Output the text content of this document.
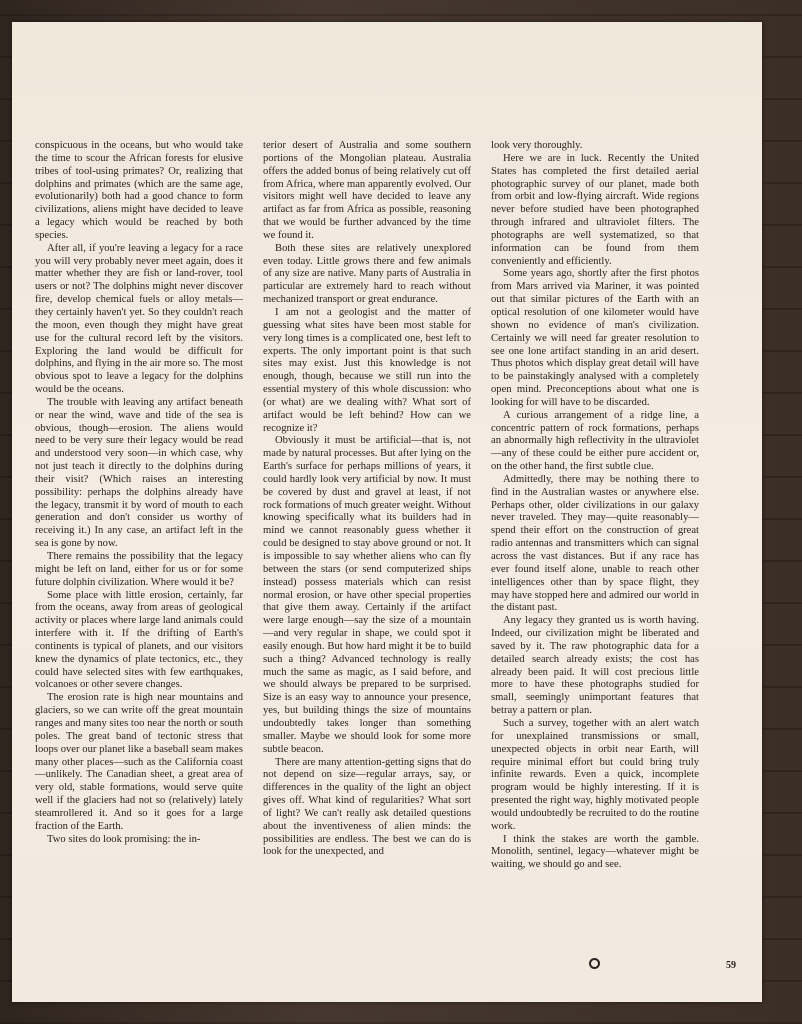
conspicuous in the oceans, but who would take the time to scour the African forests for elusive tribes of tool-using primates? Or, realizing that dolphins and primates (which are the same age, evolutionarily) both had a good chance to form civilizations, aliens might have decided to leave a legacy which would be reached by both species.

After all, if you're leaving a legacy for a race you will very probably never meet again, does it matter whether they are fish or land-rover, tool users or not? The dolphins might never discover fire, develop chemical fuels or alloy metals—they certainly haven't yet. So they couldn't reach the moon, even though they might have great use for the cultural record left by the visitors. Exploring the land would be difficult for dolphins, and flying in the air more so. The most obvious spot to leave a legacy for the dolphins would be the oceans.

The trouble with leaving any artifact beneath or near the wind, wave and tide of the sea is obvious, though—erosion. The aliens would need to be very sure their legacy would be read and understood very soon—in which case, why not just teach it directly to the dolphins during their visit? (Which raises an interesting possibility: perhaps the dolphins already have the legacy, transmit it by word of mouth to each generation and don't consider us worthy of receiving it.) In any case, an artifact left in the sea is gone by now.

There remains the possibility that the legacy might be left on land, either for us or for some future dolphin civilization. Where would it be?

Some place with little erosion, certainly, far from the oceans, away from areas of geological activity or places where large land animals could interfere with it. If the drifting of Earth's continents is typical of planets, and our visitors knew the dynamics of plate tectonics, etc., they could have selected sites with few earthquakes, volcanoes or other severe changes.

The erosion rate is high near mountains and glaciers, so we can write off the great mountain ranges and many sites too near the north or south poles. The great band of tectonic stress that loops over our planet like a baseball seam makes many other places—such as the California coast—unlikely. The Canadian sheet, a great area of very old, stable formations, would serve quite well if the glaciers had not so (relatively) lately steamrollered it. And so it goes for a large fraction of the Earth.

Two sites do look promising: the in-

terior desert of Australia and some southern portions of the Mongolian plateau. Australia offers the added bonus of being relatively cut off from Africa, where man apparently evolved. Our visitors might well have decided to leave any artifact as far from Africa as possible, reasoning that we would be further advanced by the time we found it.

Both these sites are relatively unexplored even today. Little grows there and few animals of any size are native. Many parts of Australia in particular are extremely hard to reach without mechanized transport or great endurance.

I am not a geologist and the matter of guessing what sites have been most stable for very long times is a complicated one, best left to experts. The only important point is that such sites may exist. Just this knowledge is not enough, though, because we still run into the essential mystery of this whole discussion: who (or what) are we dealing with? What sort of artifact would be left behind? How can we recognize it?

Obviously it must be artificial—that is, not made by natural processes. But after lying on the Earth's surface for perhaps millions of years, it could hardly look very artificial by now. It must be covered by dust and gravel at least, if not rock formations of much greater weight. Without knowing specifically what its builders had in mind we cannot reasonably guess whether it could be designed to stay above ground or not. It is impossible to say whether aliens who can fly between the stars (or send computerized ships instead) possess materials which can resist normal erosion, or have other special properties that give them away. Certainly if the artifact were large enough—say the size of a mountain—and very regular in shape, we could spot it easily enough. But how hard might it be to build such a thing? Advanced technology is really much the same as magic, as I said before, and we should always be prepared to be surprised. Size is an easy way to announce your presence, yes, but building things the size of mountains undoubtedly takes longer than something smaller. Maybe we should look for some more subtle beacon.

There are many attention-getting signs that do not depend on size—regular arrays, say, or differences in the quality of the light an object gives off. What kind of regularities? What sort of light? We can't really ask detailed questions about the inventiveness of alien minds: the possibilities are endless. The best we can do is look for the unexpected, and

look very thoroughly.

Here we are in luck. Recently the United States has completed the first detailed aerial photographic survey of our planet, made both from orbit and low-flying aircraft. Wide regions never before studied have been photographed through infrared and ultraviolet filters. The photographs are well systematized, so that information can be found from them conveniently and efficiently.

Some years ago, shortly after the first photos from Mars arrived via Mariner, it was pointed out that similar pictures of the Earth with an optical resolution of one kilometer would have shown no evidence of man's civilization. Certainly we will need far greater resolution to see one lone artifact standing in an arid desert. Thus photos which display great detail will have to be painstakingly analysed with a completely open mind. Preconceptions about what one is looking for will have to be discarded.

A curious arrangement of a ridge line, a concentric pattern of rock formations, perhaps an abnormally high reflectivity in the ultraviolet—any of these could be either pure accident or, on the other hand, the first subtle clue.

Admittedly, there may be nothing there to find in the Australian wastes or anywhere else. Perhaps other, older civilizations in our galaxy never traveled. They may—quite reasonably—spend their effort on the construction of great radio antennas and transmitters which can signal across the vast distances. But if any race has ever found itself alone, unable to reach other intelligences other than by space flight, they may have stopped here and admired our world in the distant past.

Any legacy they granted us is worth having. Indeed, our civilization might be liberated and saved by it. The raw photographic data for a detailed search already exists; the cost has already been paid. It will cost precious little more to have these photographs studied for small, seemingly unimportant features that betray a pattern or plan.

Such a survey, together with an alert watch for unexplained transmissions or small, unexpected objects in orbit near Earth, will require minimal effort but could bring truly infinite rewards. Even a quick, incomplete program would be highly interesting. If it is presented the right way, highly motivated people would undoubtedly be recruited to do the routine work.

I think the stakes are worth the gamble. Monolith, sentinel, legacy—whatever might be waiting, we should go and see.

59
